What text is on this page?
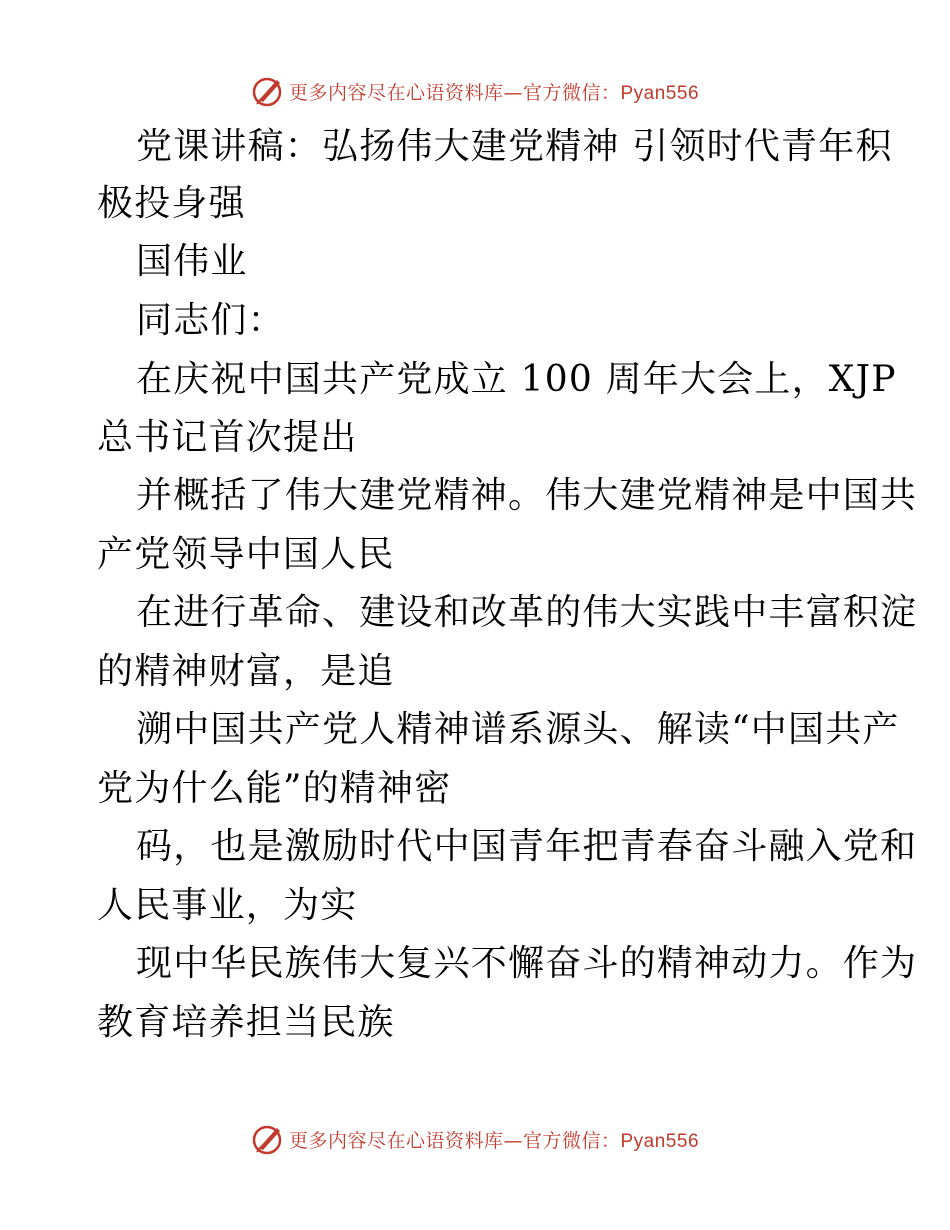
更多内容尽在心语资料库—官方微信：Pyan556
党课讲稿：弘扬伟大建党精神 引领时代青年积
极投身强
国伟业
同志们：
在庆祝中国共产党成立 100 周年大会上，XJP
总书记首次提出
并概括了伟大建党精神。伟大建党精神是中国共
产党领导中国人民
在进行革命、建设和改革的伟大实践中丰富积淀
的精神财富，是追
溯中国共产党人精神谱系源头、解读“中国共产
党为什么能”的精神密
码，也是激励时代中国青年把青春奋斗融入党和
人民事业，为实
现中华民族伟大复兴不懈奋斗的精神动力。作为
教育培养担当民族
更多内容尽在心语资料库—官方微信：Pyan556
